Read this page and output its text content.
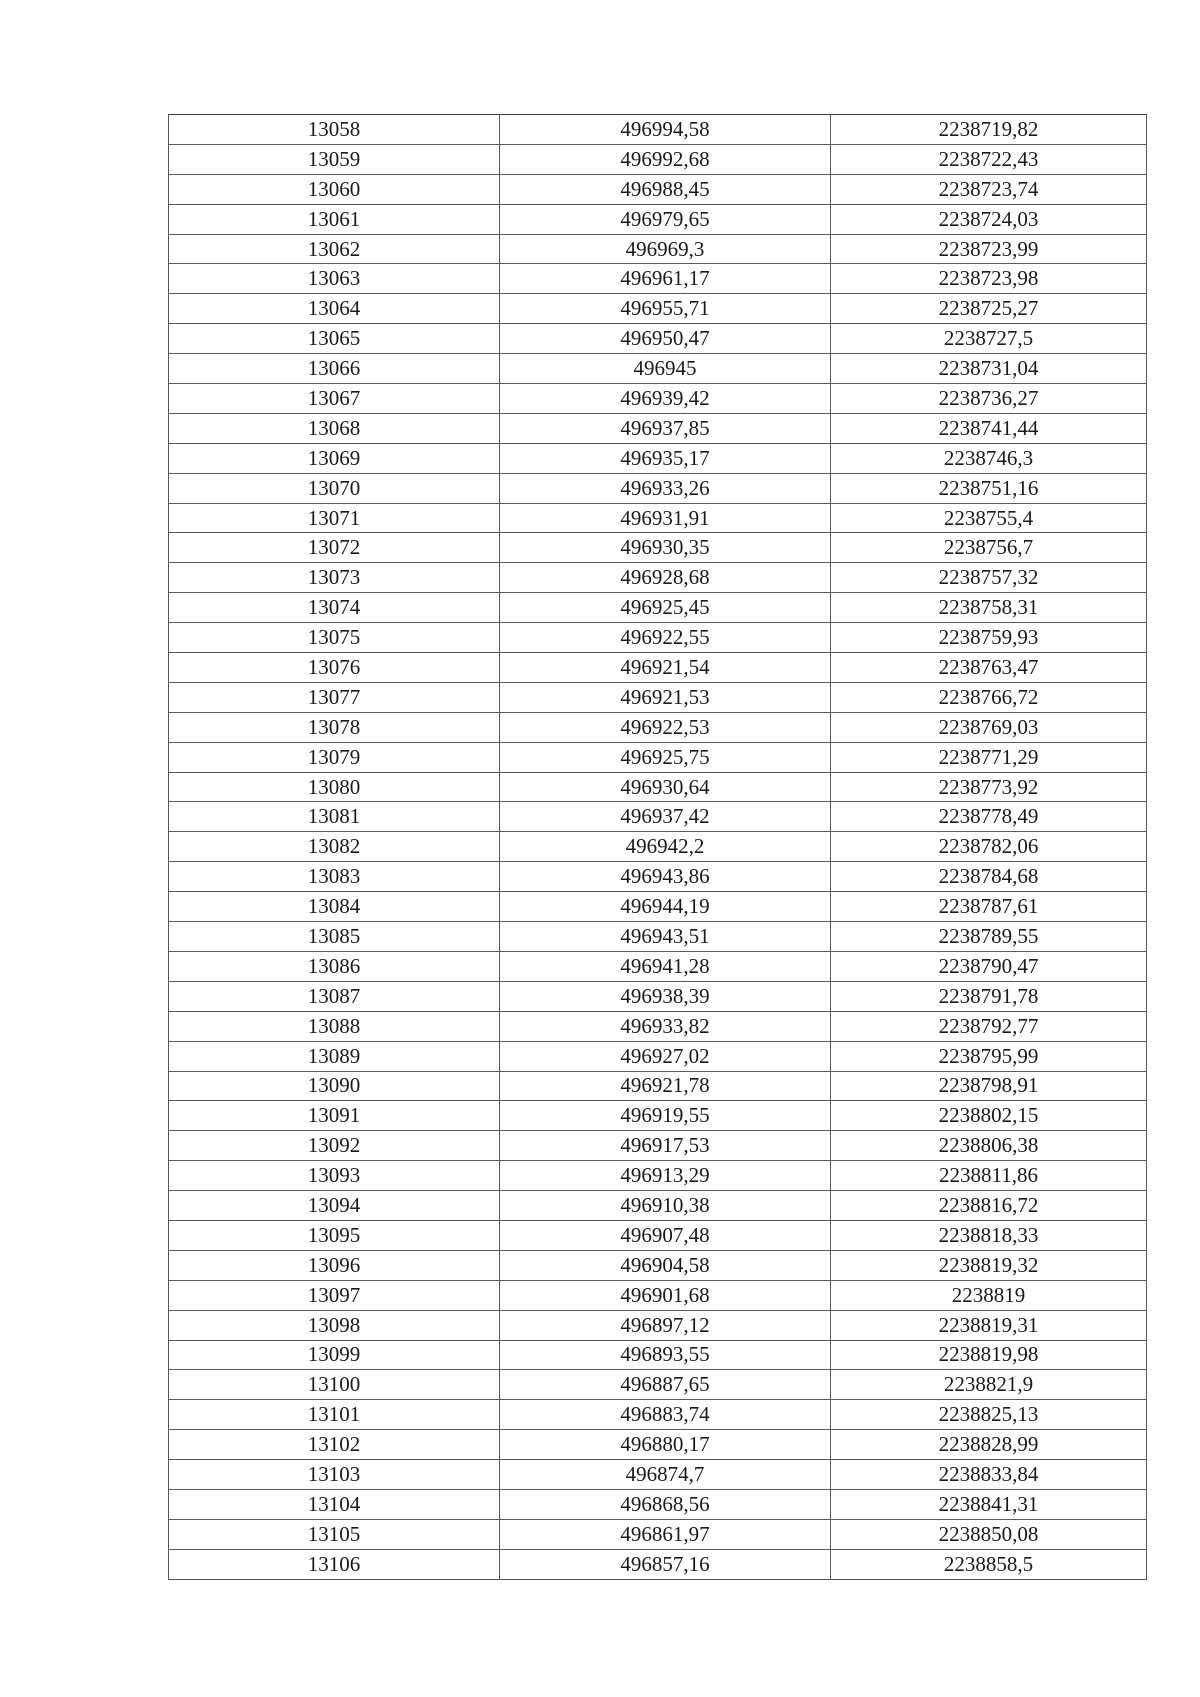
13058	496994,58	2238719,82
13059	496992,68	2238722,43
13060	496988,45	2238723,74
13061	496979,65	2238724,03
13062	496969,3	2238723,99
13063	496961,17	2238723,98
13064	496955,71	2238725,27
13065	496950,47	2238727,5
13066	496945	2238731,04
13067	496939,42	2238736,27
13068	496937,85	2238741,44
13069	496935,17	2238746,3
13070	496933,26	2238751,16
13071	496931,91	2238755,4
13072	496930,35	2238756,7
13073	496928,68	2238757,32
13074	496925,45	2238758,31
13075	496922,55	2238759,93
13076	496921,54	2238763,47
13077	496921,53	2238766,72
13078	496922,53	2238769,03
13079	496925,75	2238771,29
13080	496930,64	2238773,92
13081	496937,42	2238778,49
13082	496942,2	2238782,06
13083	496943,86	2238784,68
13084	496944,19	2238787,61
13085	496943,51	2238789,55
13086	496941,28	2238790,47
13087	496938,39	2238791,78
13088	496933,82	2238792,77
13089	496927,02	2238795,99
13090	496921,78	2238798,91
13091	496919,55	2238802,15
13092	496917,53	2238806,38
13093	496913,29	2238811,86
13094	496910,38	2238816,72
13095	496907,48	2238818,33
13096	496904,58	2238819,32
13097	496901,68	2238819
13098	496897,12	2238819,31
13099	496893,55	2238819,98
13100	496887,65	2238821,9
13101	496883,74	2238825,13
13102	496880,17	2238828,99
13103	496874,7	2238833,84
13104	496868,56	2238841,31
13105	496861,97	2238850,08
13106	496857,16	2238858,5
